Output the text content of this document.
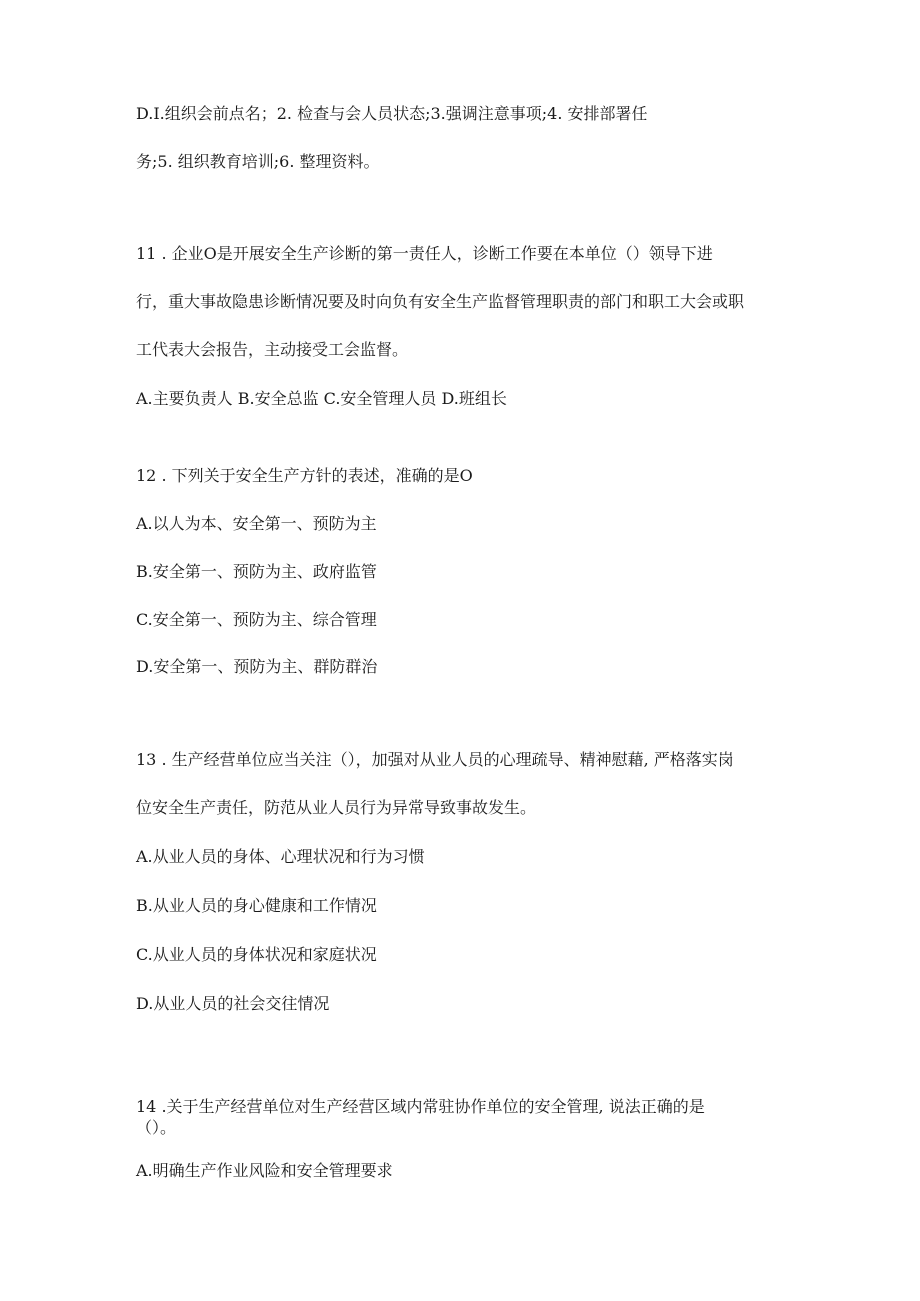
D.I.组织会前点名；2. 检查与会人员状态;3.强调注意事项;4. 安排部署任
务;5. 组织教育培训;6. 整理资料。
11 . 企业O是开展安全生产诊断的第一责任人，诊断工作要在本单位（）领导下进
行，重大事故隐患诊断情况要及时向负有安全生产监督管理职责的部门和职工大会或职
工代表大会报告，主动接受工会监督。
A.主要负责人 B.安全总监 C.安全管理人员 D.班组长
12 . 下列关于安全生产方针的表述，准确的是O
A.以人为本、安全第一、预防为主
B.安全第一、预防为主、政府监管
C.安全第一、预防为主、综合管理
D.安全第一、预防为主、群防群治
13 . 生产经营单位应当关注（），加强对从业人员的心理疏导、精神慰藉, 严格落实岗
位安全生产责任，防范从业人员行为异常导致事故发生。
A.从业人员的身体、心理状况和行为习惯
B.从业人员的身心健康和工作情况
C.从业人员的身体状况和家庭状况
D.从业人员的社会交往情况
14 .关于生产经营单位对生产经营区域内常驻协作单位的安全管理, 说法正确的是
（）。
A.明确生产作业风险和安全管理要求
